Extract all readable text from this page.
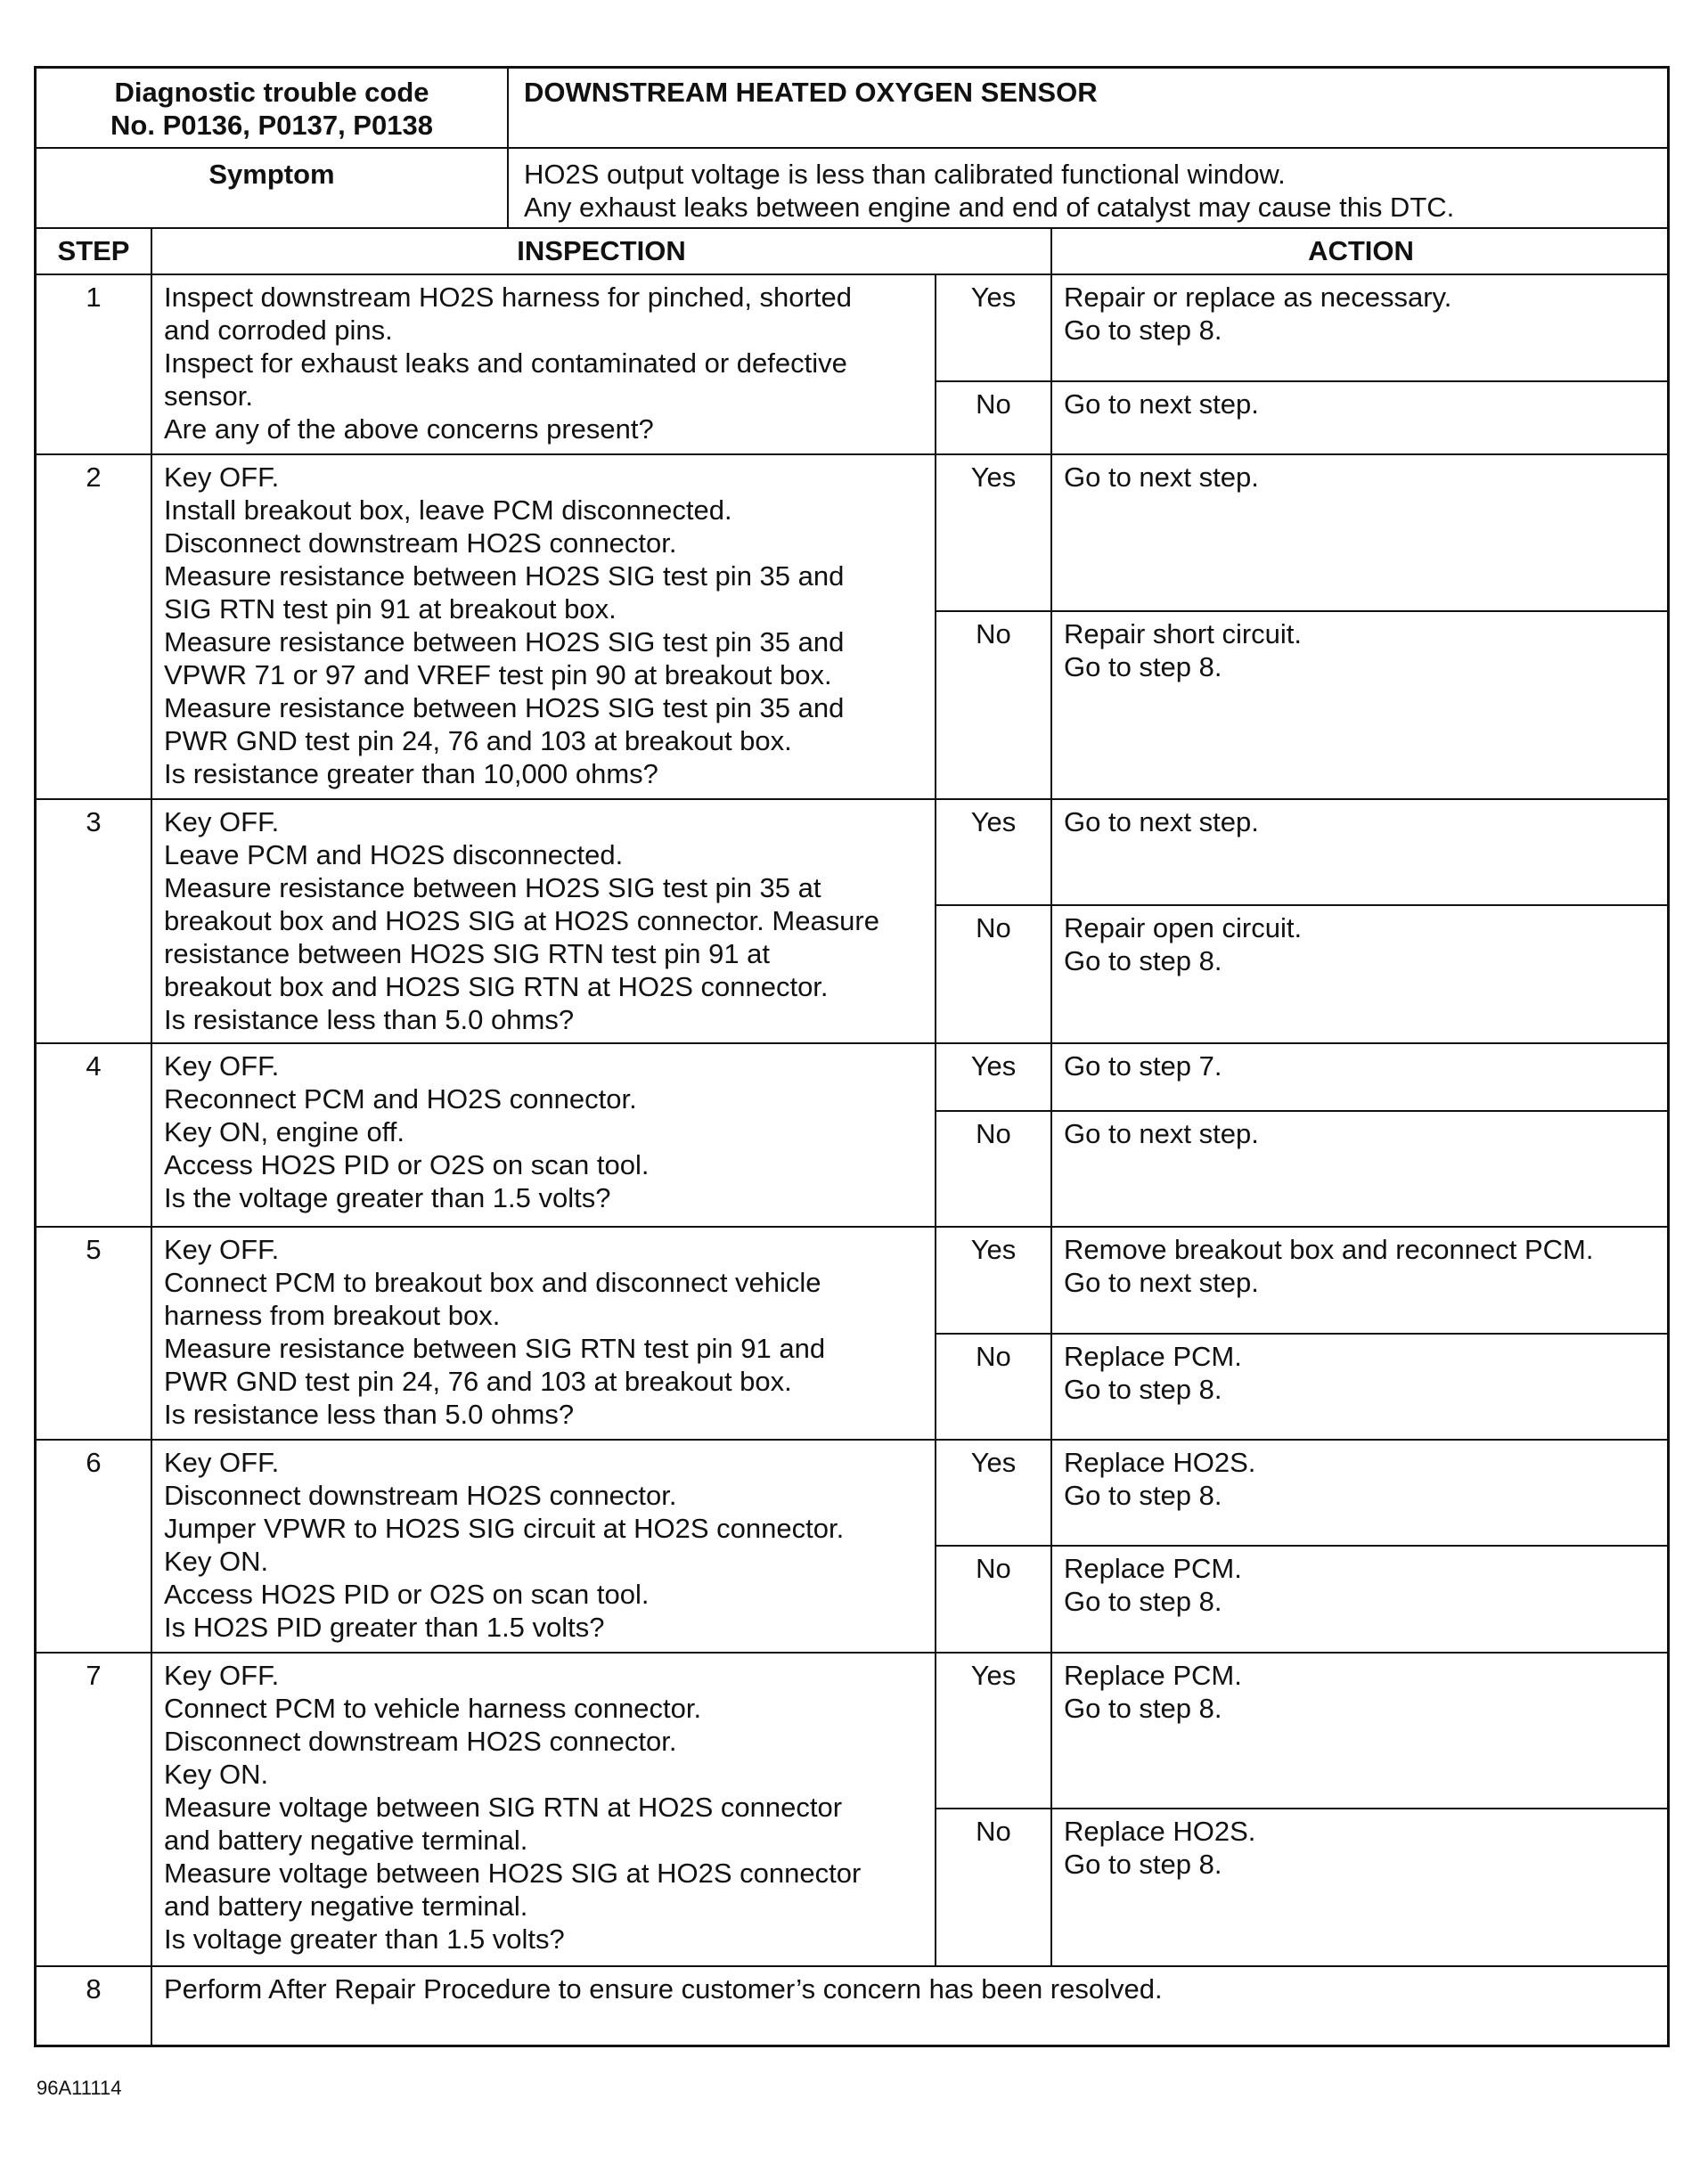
Diagnostic trouble code
No. P0136, P0137, P0138
DOWNSTREAM HEATED OXYGEN SENSOR
Symptom	HO2S output voltage is less than calibrated functional window.
Any exhaust leaks between engine and end of catalyst may cause this DTC.
STEP	INSPECTION	ACTION
1	Inspect downstream HO2S harness for pinched, shorted
and corroded pins.
Inspect for exhaust leaks and contaminated or defective
sensor.
Are any of the above concerns present?
Yes	Repair or replace as necessary.
Go to step 8.
No	Go to next step.
2	Key OFF.
Install breakout box, leave PCM disconnected.
Disconnect downstream HO2S connector.
Measure resistance between HO2S SIG test pin 35 and
SIG RTN test pin 91 at breakout box.
Measure resistance between HO2S SIG test pin 35 and
VPWR 71 or 97 and VREF test pin 90 at breakout box.
Measure resistance between HO2S SIG test pin 35 and
PWR GND test pin 24, 76 and 103 at breakout box.
Is resistance greater than 10,000 ohms?
Yes	Go to next step.
No	Repair short circuit.
Go to step 8.
3	Key OFF.
Leave PCM and HO2S disconnected.
Measure resistance between HO2S SIG test pin 35 at
breakout box and HO2S SIG at HO2S connector. Measure
resistance between HO2S SIG RTN test pin 91 at
breakout box and HO2S SIG RTN at HO2S connector.
Is resistance less than 5.0 ohms?
Yes	Go to next step.
No	Repair open circuit.
Go to step 8.
4	Key OFF.
Reconnect PCM and HO2S connector.
Key ON, engine off.
Access HO2S PID or O2S on scan tool.
Is the voltage greater than 1.5 volts?
Yes	Go to step 7.
No	Go to next step.
5	Key OFF.
Connect PCM to breakout box and disconnect vehicle
harness from breakout box.
Measure resistance between SIG RTN test pin 91 and
PWR GND test pin 24, 76 and 103 at breakout box.
Is resistance less than 5.0 ohms?
Yes	Remove breakout box and reconnect PCM.
Go to next step.
No	Replace PCM.
Go to step 8.
6	Key OFF.
Disconnect downstream HO2S connector.
Jumper VPWR to HO2S SIG circuit at HO2S connector.
Key ON.
Access HO2S PID or O2S on scan tool.
Is HO2S PID greater than 1.5 volts?
Yes	Replace HO2S.
Go to step 8.
No	Replace PCM.
Go to step 8.
7	Key OFF.
Connect PCM to vehicle harness connector.
Disconnect downstream HO2S connector.
Key ON.
Measure voltage between SIG RTN at HO2S connector
and battery negative terminal.
Measure voltage between HO2S SIG at HO2S connector
and battery negative terminal.
Is voltage greater than 1.5 volts?
Yes	Replace PCM.
Go to step 8.
No	Replace HO2S.
Go to step 8.
8	Perform After Repair Procedure to ensure customer’s concern has been resolved.
96A11114
